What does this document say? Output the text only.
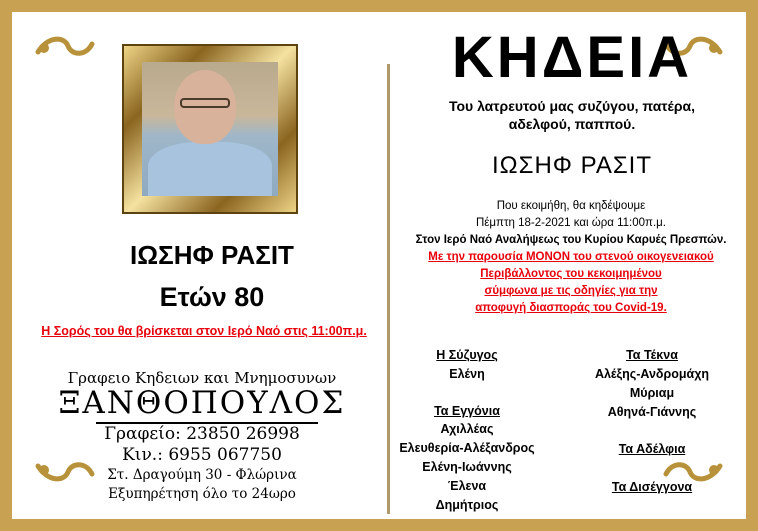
ΙΩΣΗΦ ΡΑΣΙΤ
Ετών 80
Η Σορός του θα βρίσκεται στον Ιερό Ναό στις 11:00π.μ.
Γραφειο Κηδειων και Μνημοσυνων
ΞΑΝΘΟΠΟΥΛΟΣ
Γραφείο: 23850 26998
Κιν.: 6955 067750
Στ. Δραγούμη 30 - Φλώρινα
Εξυπηρέτηση όλο το 24ωρο
ΚΗΔΕΙΑ
Του λατρευτού μας συζύγου, πατέρα,
αδελφού, παππού.
ΙΩΣΗΦ ΡΑΣΙΤ
Που εκοιμήθη, θα κηδέψουμε
Πέμπτη 18-2-2021 και ώρα 11:00π.μ.
Στον Ιερό Ναό Αναλήψεως του Κυρίου Καρυές Πρεσπών.
Με την παρουσία ΜΟΝΟΝ του στενού οικογενειακού
Περιβάλλοντος του κεκοιμημένου
σύμφωνα με τις οδηγίες για την
αποφυγή διασποράς του Covid-19.
Η Σύζυγος
Ελένη
Τα Εγγόνια
Αχιλλέας
Ελευθερία-Αλέξανδρος
Ελένη-Ιωάννης
Έλενα
Δημήτριος
Τα Τέκνα
Αλέξης-Ανδρομάχη
Μύριαμ
Αθηνά-Γιάννης
Τα Αδέλφια
Τα Δισέγγονα
